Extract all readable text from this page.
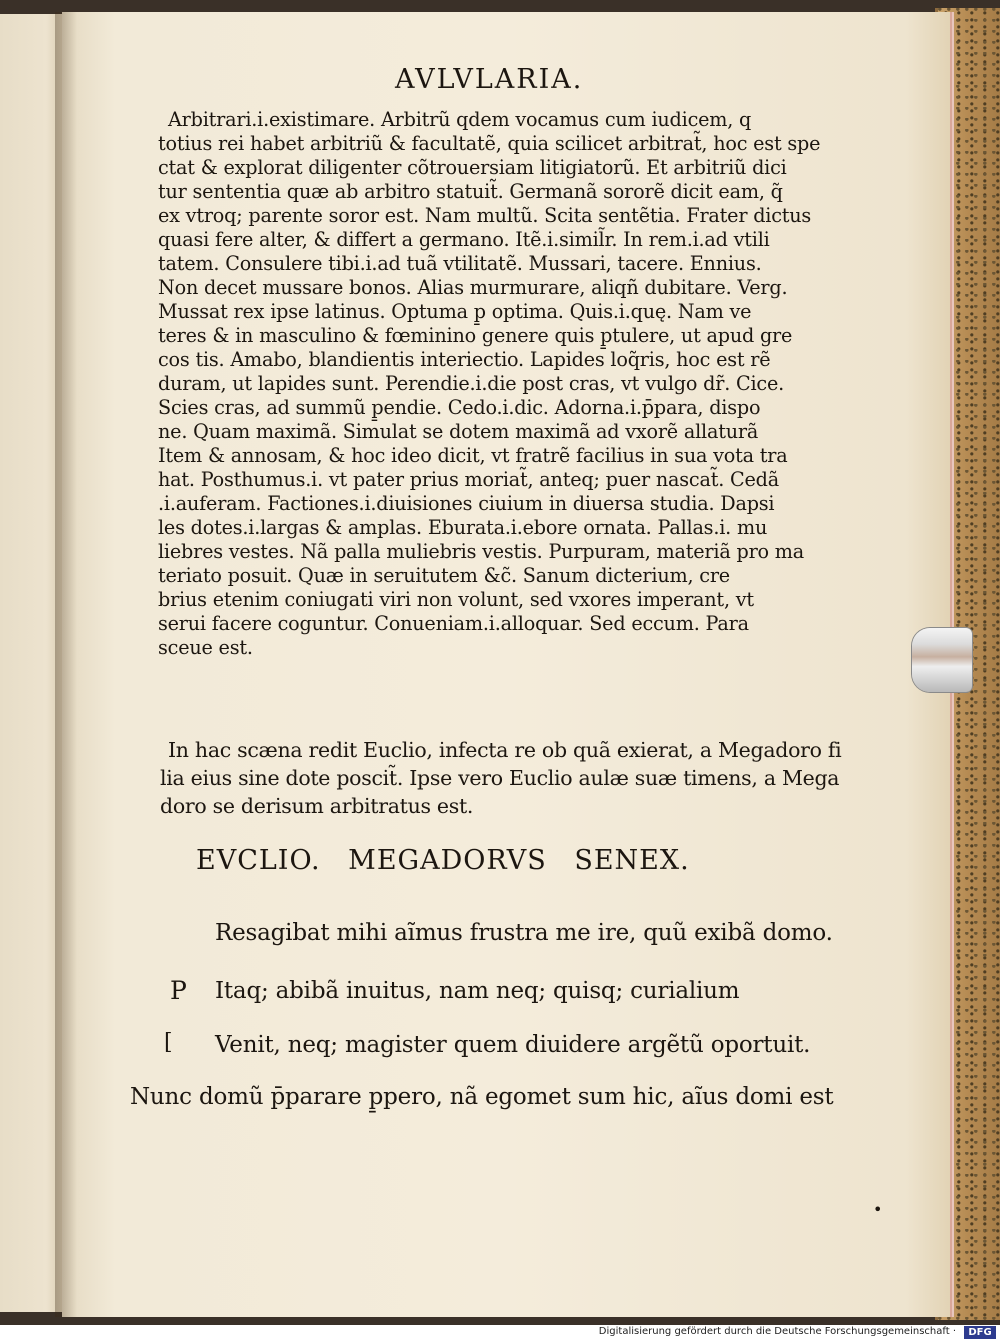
AVLVLARIA.
Arbitrari.i.existimare. Arbitrũ qdem vocamus cum iudicem, q
totius rei habet arbitriũ & facultatẽ, quia scilicet arbitrat̃, hoc est spe
ctat & explorat diligenter cõtrouersiam litigiatorũ. Et arbitriũ dici
tur sententia quæ ab arbitro statuit̃. Germanã sororẽ dicit eam, q̃
ex vtroq; parente soror est. Nam multũ. Scita sentẽtia. Frater dictus
quasi fere alter, & differt a germano. Itẽ.i.simil̃r. In rem.i.ad vtili
tatem. Consulere tibi.i.ad tuã vtilitatẽ. Mussari, tacere. Ennius.
Non decet mussare bonos. Alias murmurare, aliqñ dubitare. Verg.
Mussat rex ipse latinus. Optuma p̱ optima. Quis.i.quę. Nam ve
teres & in masculino & fœminino genere quis p̱tulere, ut apud gre
cos tis. Amabo, blandientis interiectio. Lapides loq̃ris, hoc est rẽ
duram, ut lapides sunt. Perendie.i.die post cras, vt vulgo dr̃. Cice.
Scies cras, ad summũ p̱endie. Cedo.i.dic. Adorna.i.p̄para, dispo
ne. Quam maximã. Simulat se dotem maximã ad vxorẽ allaturã
Item & annosam, & hoc ideo dicit, vt fratrẽ facilius in sua vota tra
hat. Posthumus.i. vt pater prius moriat̃, anteq; puer nascat̃. Cedã
.i.auferam. Factiones.i.diuisiones ciuium in diuersa studia. Dapsi
les dotes.i.largas & amplas. Eburata.i.ebore ornata. Pallas.i. mu
liebres vestes. Nã palla muliebris vestis. Purpuram, materiã pro ma
teriato posuit. Quæ in seruitutem &c̃. Sanum dicterium, cre
brius etenim coniugati viri non volunt, sed vxores imperant, vt
serui facere coguntur. Conueniam.i.alloquar. Sed eccum. Para
sceue est.
In hac scæna redit Euclio, infecta re ob quã exierat, a Megadoro fi
lia eius sine dote poscit̃. Ipse vero Euclio aulæ suæ timens, a Mega
doro se derisum arbitratus est.
EVCLIO. MEGADORVS SENEX.
P
[
Resagibat mihi aĩmus frustra me ire, quũ exibã domo.
Itaq; abibã inuitus, nam neq; quisq; curialium
Venit, neq; magister quem diuidere argẽtũ oportuit.
Nunc domũ p̄parare p̱pero, nã egomet sum hic, aĩus domi est
•
Digitalisierung gefördert durch die Deutsche Forschungsgemeinschaft ·	DFG
